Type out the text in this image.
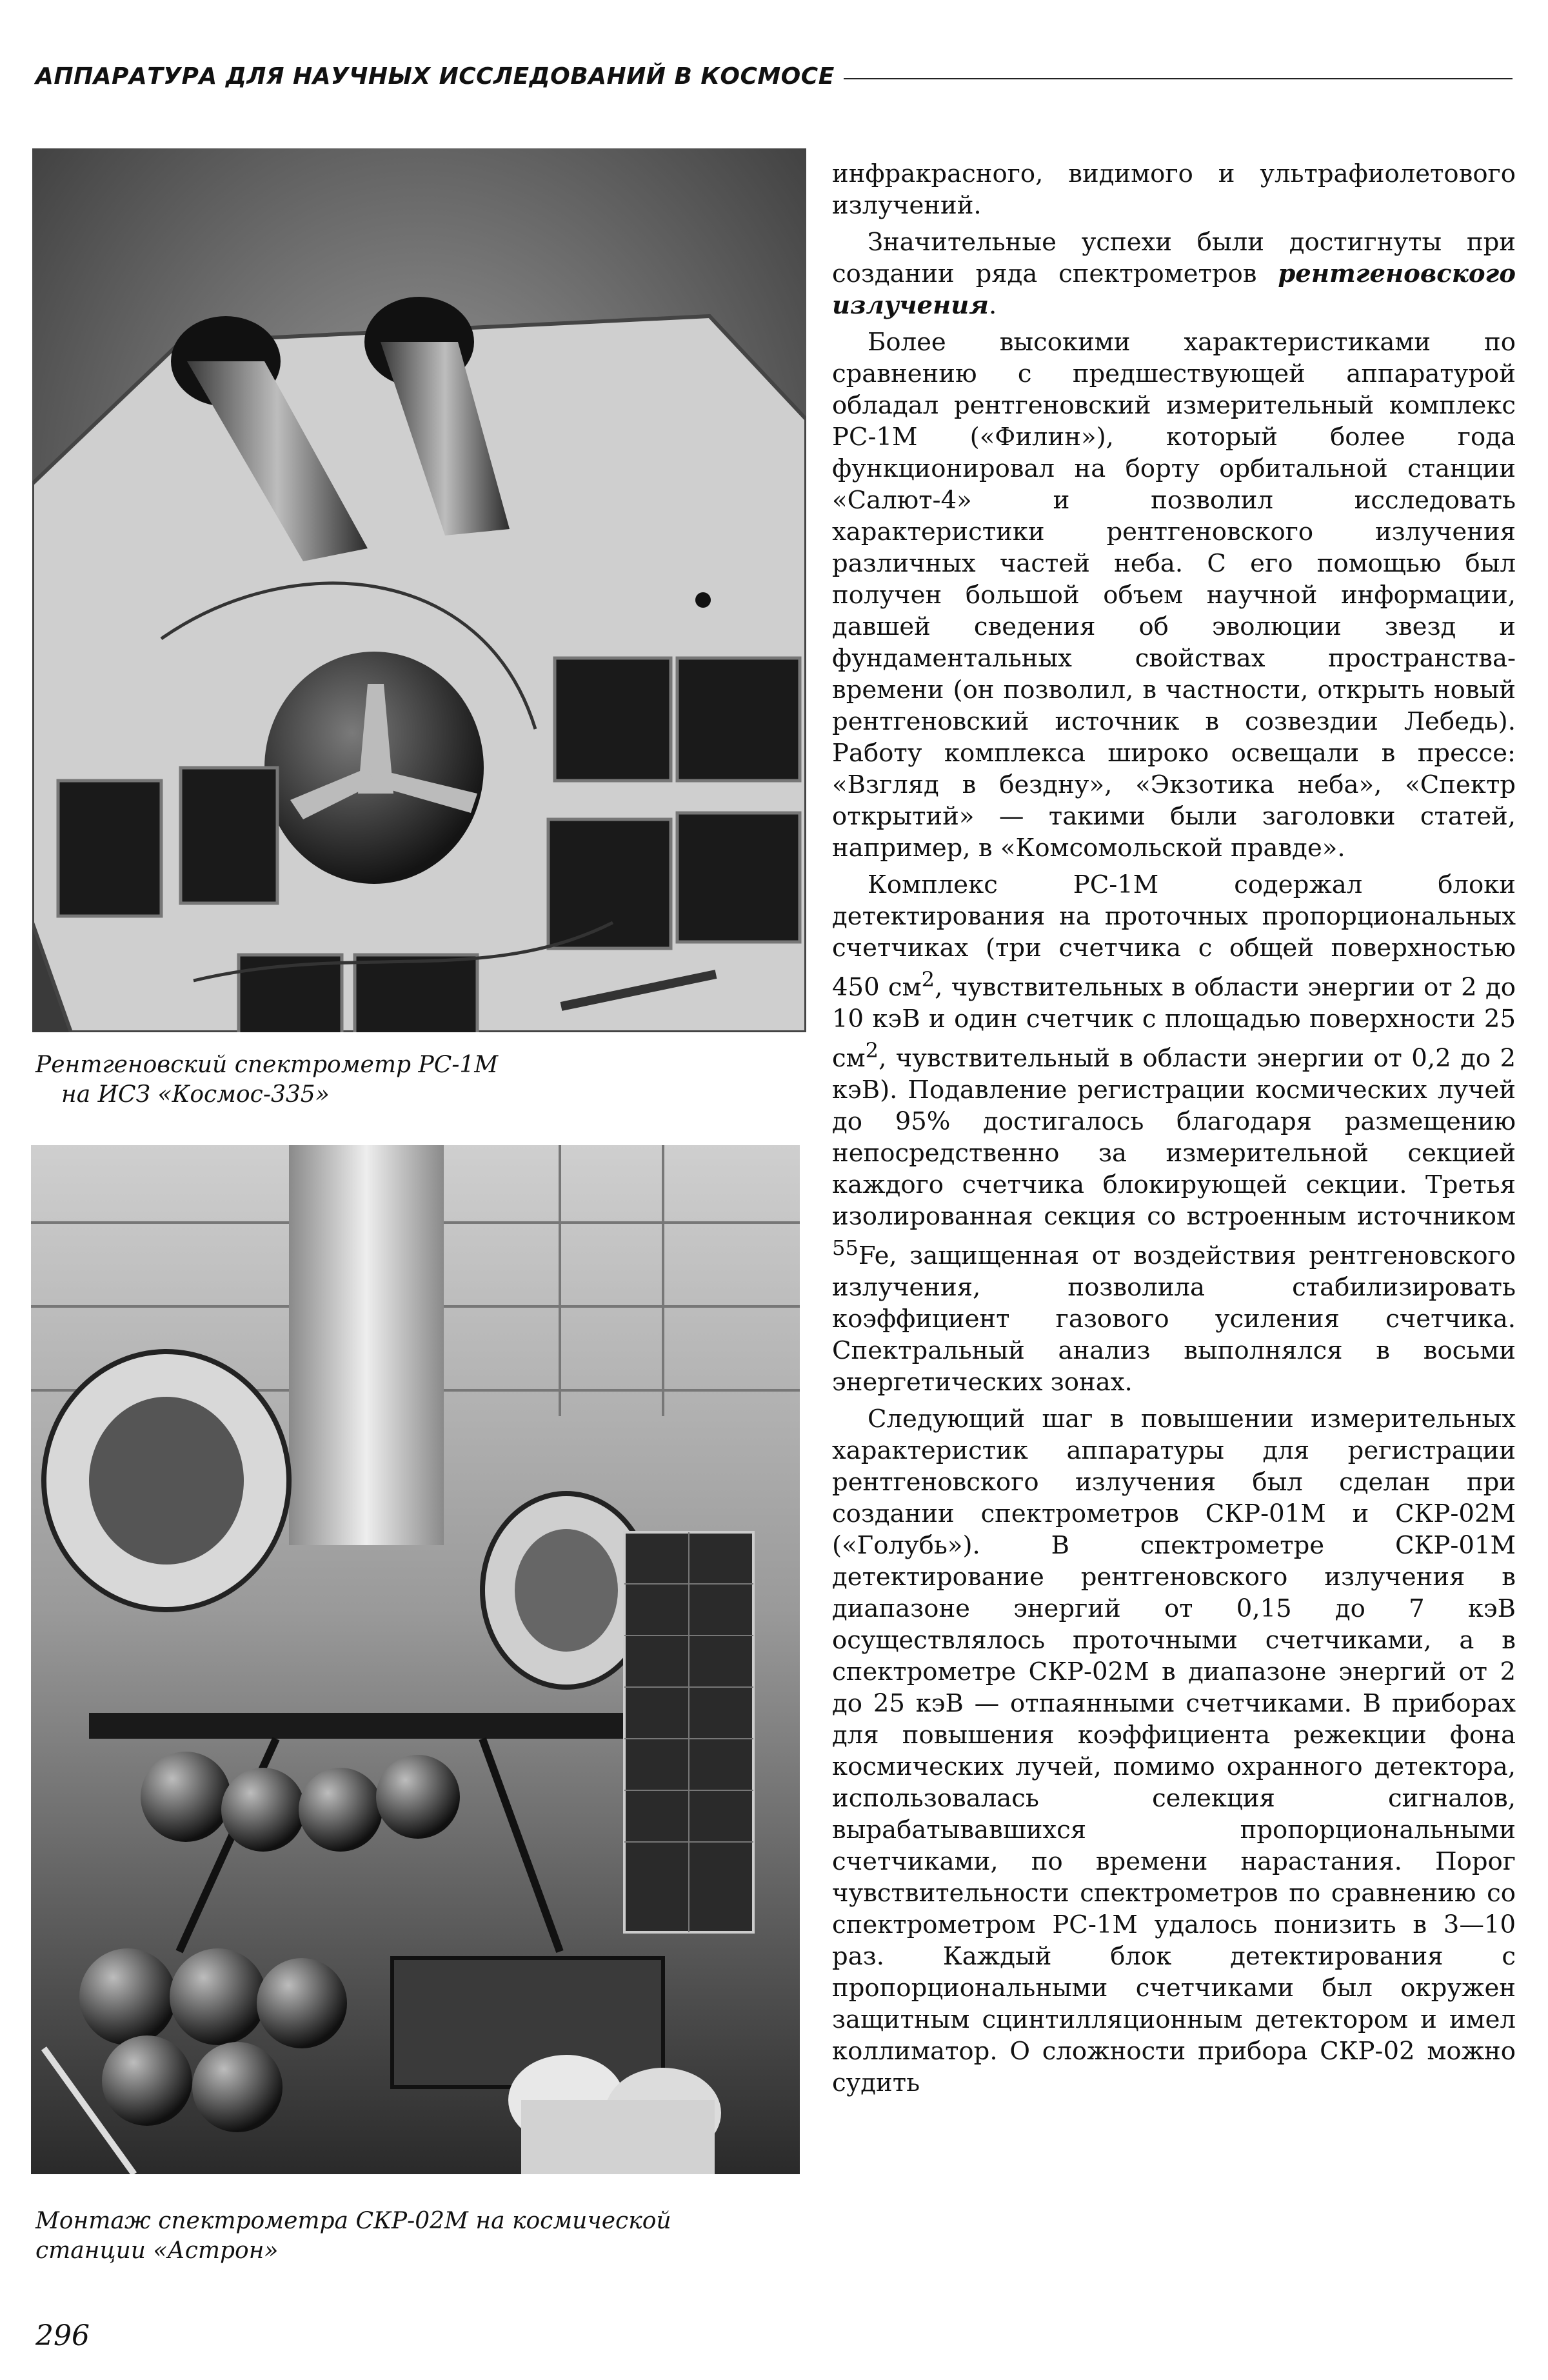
АППАРАТУРА ДЛЯ НАУЧНЫХ ИССЛЕДОВАНИЙ В КОСМОСЕ
Рентгеновский спектрометр РС-1М
на ИСЗ «Космос-335»
Монтаж спектрометра СКР-02М на космической
станции «Астрон»

инфракрасного, видимого и ультрафиолетового излучений.

Значительные успехи были достигнуты при создании ряда спектрометров рентгеновского излучения.

Более высокими характеристиками по сравнению с предшествующей аппаратурой обладал рентгеновский измерительный комплекс РС-1М («Филин»), который более года функционировал на борту орбитальной станции «Салют-4» и позволил исследовать характеристики рентгеновского излучения различных частей неба. С его помощью был получен большой объем научной информации, давшей сведения об эволюции звезд и фундаментальных свойствах пространства-времени (он позволил, в частности, открыть новый рентгеновский источник в созвездии Лебедь). Работу комплекса широко освещали в прессе: «Взгляд в бездну», «Экзотика неба», «Спектр открытий» — такими были заголовки статей, например, в «Комсомольской правде».

Комплекс РС-1М содержал блоки детектирования на проточных пропорциональных счетчиках (три счетчика с общей поверхностью 450 $см^2$, чувствительных в области энергии от 2 до 10 кэВ и один счетчик с площадью поверхности 25 $см^2$, чувствительный в области энергии от 0,2 до 2 кэВ). Подавление регистрации космических лучей до 95% достигалось благодаря размещению непосредственно за измерительной секцией каждого счетчика блокирующей секции. Третья изолированная секция со встроенным источником $^{55}$Fe, защищенная от воздействия рентгеновского излучения, позволила стабилизировать коэффициент газового усиления счетчика. Спектральный анализ выполнялся в восьми энергетических зонах.

Следующий шаг в повышении измерительных характеристик аппаратуры для регистрации рентгеновского излучения был сделан при создании спектрометров СКР-01М и СКР-02М («Голубь»). В спектрометре СКР-01М детектирование рентгеновского излучения в диапазоне энергий от 0,15 до 7 кэВ осуществлялось проточными счетчиками, а в спектрометре СКР-02М в диапазоне энергий от 2 до 25 кэВ — отпаянными счетчиками. В приборах для повышения коэффициента режекции фона космических лучей, помимо охранного детектора, использовалась селекция сигналов, вырабатывавшихся пропорциональными счетчиками, по времени нарастания. Порог чувствительности спектрометров по сравнению со спектрометром РС-1М удалось понизить в 3—10 раз. Каждый блок детектирования с пропорциональными счетчиками был окружен защитным сцинтилляционным детектором и имел коллиматор. О сложности прибора СКР-02 можно судить

296
